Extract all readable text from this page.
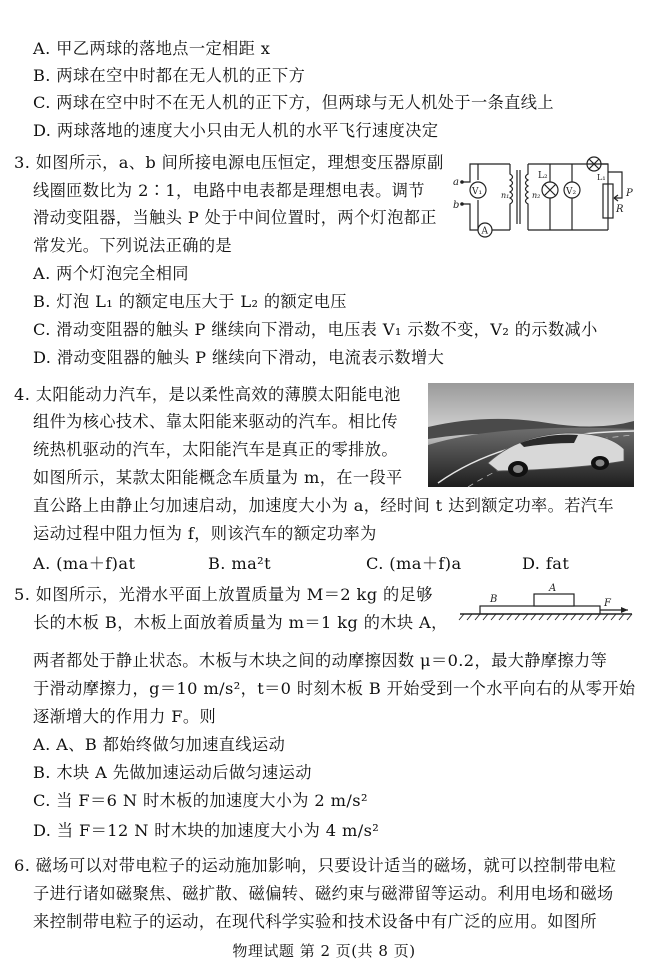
A. 甲乙两球的落地点一定相距 x
B. 两球在空中时都在无人机的正下方
C. 两球在空中时不在无人机的正下方，但两球与无人机处于一条直线上
D. 两球落地的速度大小只由无人机的水平飞行速度决定
3. 如图所示，a、b 间所接电源电压恒定，理想变压器原副
线圈匝数比为 2∶1，电路中电表都是理想电表。调节
滑动变阻器，当触头 P 处于中间位置时，两个灯泡都正
常发光。下列说法正确的是
A. 两个灯泡完全相同
B. 灯泡 L₁ 的额定电压大于 L₂ 的额定电压
C. 滑动变阻器的触头 P 继续向下滑动，电压表 V₁ 示数不变，V₂ 的示数减小
D. 滑动变阻器的触头 P 继续向下滑动，电流表示数增大
a
b
V₁ n₁	n₂
L₂
V₂
L₁
P
R
A
4. 太阳能动力汽车，是以柔性高效的薄膜太阳能电池
组件为核心技术、靠太阳能来驱动的汽车。相比传
统热机驱动的汽车，太阳能汽车是真正的零排放。
如图所示，某款太阳能概念车质量为 m，在一段平
直公路上由静止匀加速启动，加速度大小为 a，经时间 t 达到额定功率。若汽车
运动过程中阻力恒为 f，则该汽车的额定功率为
A. (ma＋f)at	B. ma²t	C. (ma＋f)a	D. fat
5. 如图所示，光滑水平面上放置质量为 M＝2 kg 的足够
长的木板 B，木板上面放着质量为 m＝1 kg 的木块 A，
两者都处于静止状态。木板与木块之间的动摩擦因数 μ＝0.2，最大静摩擦力等
于滑动摩擦力，g＝10 m/s²，t＝0 时刻木板 B 开始受到一个水平向右的从零开始
逐渐增大的作用力 F。则
A. A、B 都始终做匀加速直线运动
B. 木块 A 先做加速运动后做匀速运动
C. 当 F＝6 N 时木板的加速度大小为 2 m/s²
D. 当 F＝12 N 时木块的加速度大小为 4 m/s²
B
A
F
6. 磁场可以对带电粒子的运动施加影响，只要设计适当的磁场，就可以控制带电粒
子进行诸如磁聚焦、磁扩散、磁偏转、磁约束与磁滞留等运动。利用电场和磁场
来控制带电粒子的运动，在现代科学实验和技术设备中有广泛的应用。如图所
物理试题 第 2 页(共 8 页)
